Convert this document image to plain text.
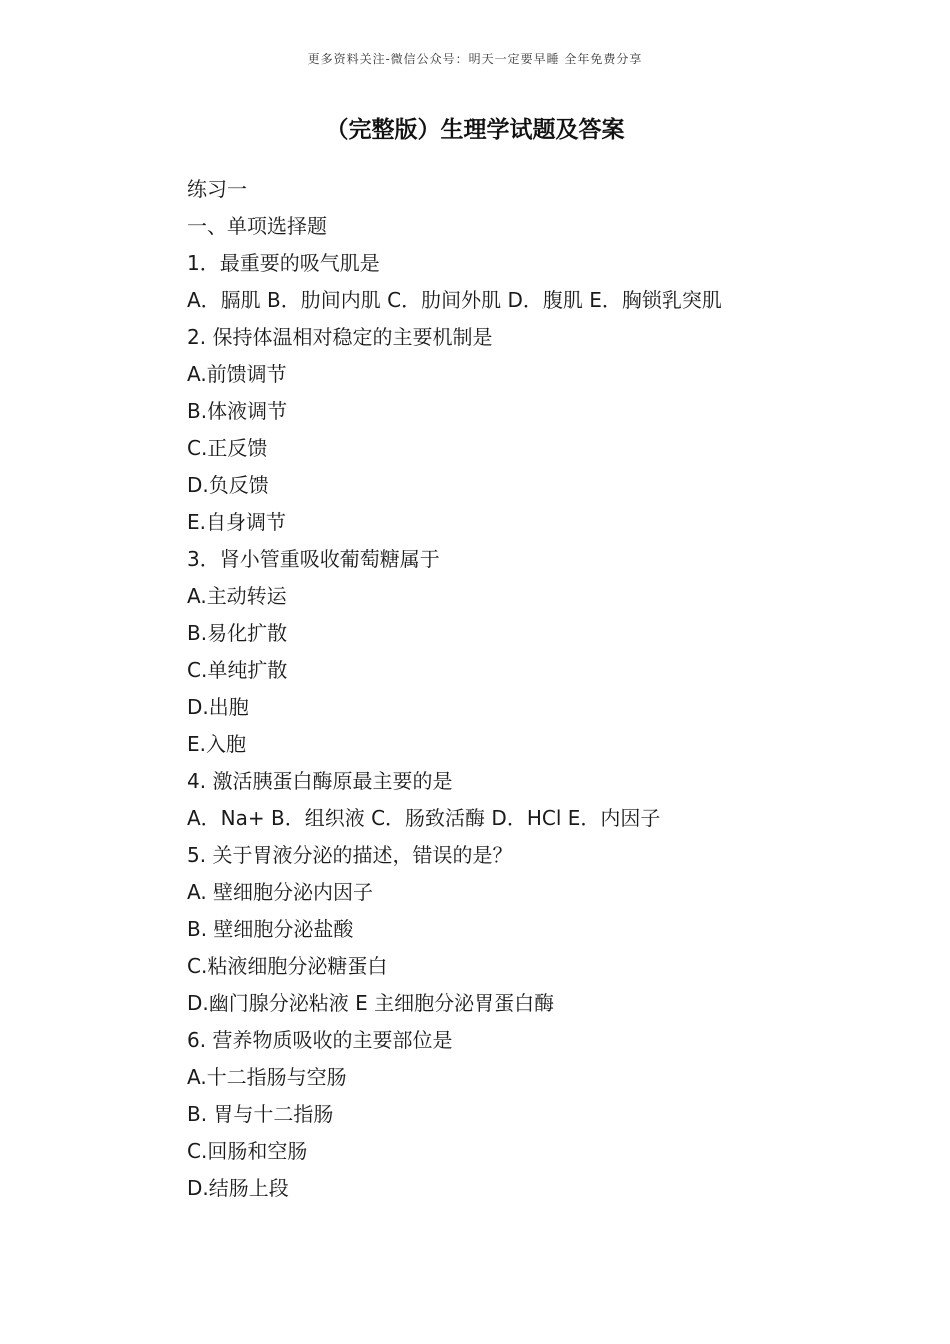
更多资料关注-微信公众号：明天一定要早睡 全年免费分享
（完整版）生理学试题及答案
练习一
一、单项选择题
1．最重要的吸气肌是
A．膈肌 B．肋间内肌 C．肋间外肌 D．腹肌 E．胸锁乳突肌
2. 保持体温相对稳定的主要机制是
A.前馈调节
B.体液调节
C.正反馈
D.负反馈
E.自身调节
3．肾小管重吸收葡萄糖属于
A.主动转运
B.易化扩散
C.单纯扩散
D.出胞
E.入胞
4. 激活胰蛋白酶原最主要的是
A．Na+ B．组织液 C．肠致活酶 D．HCl E．内因子
5. 关于胃液分泌的描述，错误的是？
A. 壁细胞分泌内因子
B. 壁细胞分泌盐酸
C.粘液细胞分泌糖蛋白
D.幽门腺分泌粘液 E 主细胞分泌胃蛋白酶
6. 营养物质吸收的主要部位是
A.十二指肠与空肠
B. 胃与十二指肠
C.回肠和空肠
D.结肠上段
